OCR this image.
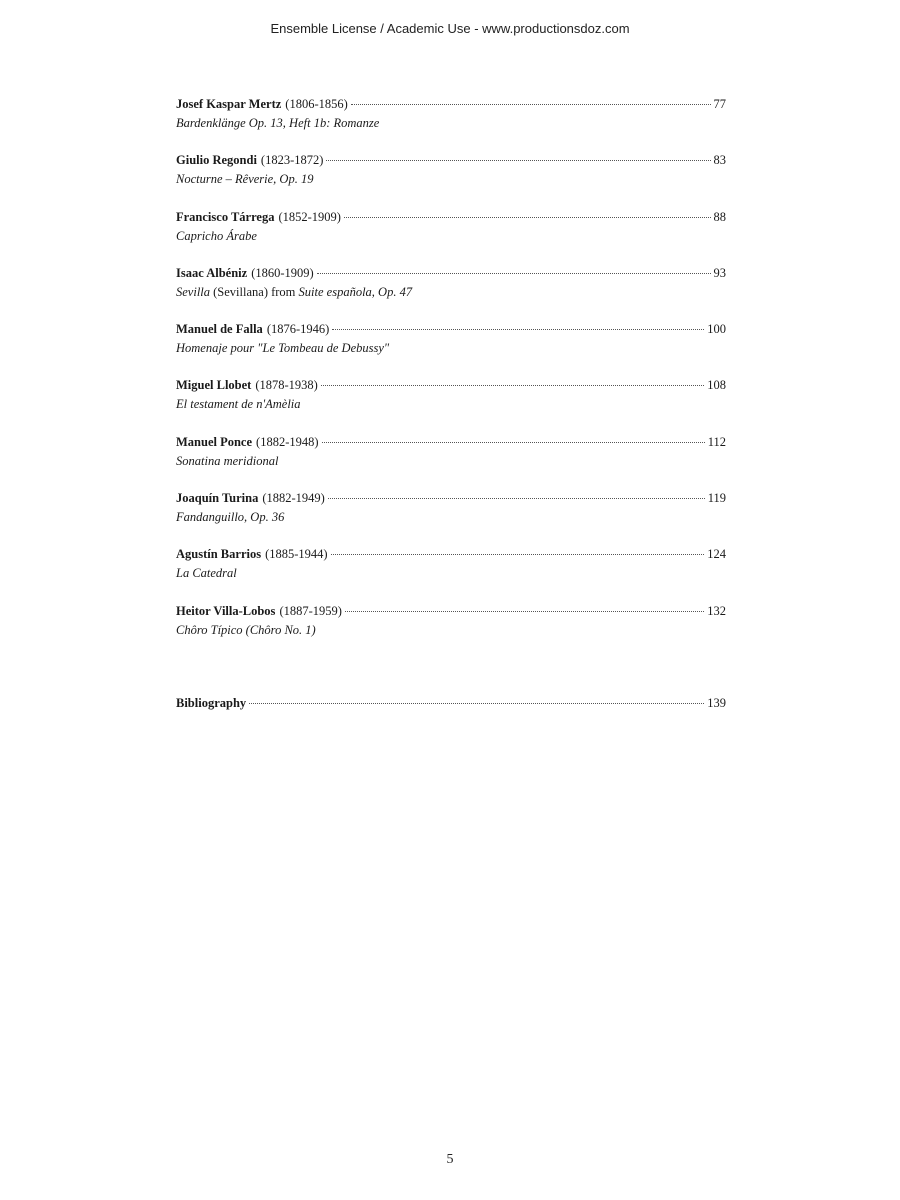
Ensemble License / Academic Use - www.productionsdoz.com
Josef Kaspar Mertz (1806-1856)	77
Bardenklänge Op. 13, Heft 1b: Romanze
Giulio Regondi (1823-1872)	83
Nocturne – Rêverie, Op. 19
Francisco Tárrega (1852-1909)	88
Capricho Árabe
Isaac Albéniz (1860-1909)	93
Sevilla (Sevillana) from Suite española, Op. 47
Manuel de Falla (1876-1946)	100
Homenaje pour "Le Tombeau de Debussy"
Miguel Llobet (1878-1938)	108
El testament de n'Amèlia
Manuel Ponce (1882-1948)	112
Sonatina meridional
Joaquín Turina (1882-1949)	119
Fandanguillo, Op. 36
Agustín Barrios (1885-1944)	124
La Catedral
Heitor Villa-Lobos (1887-1959)	132
Chôro Típico (Chôro No. 1)
Bibliography	139
5
